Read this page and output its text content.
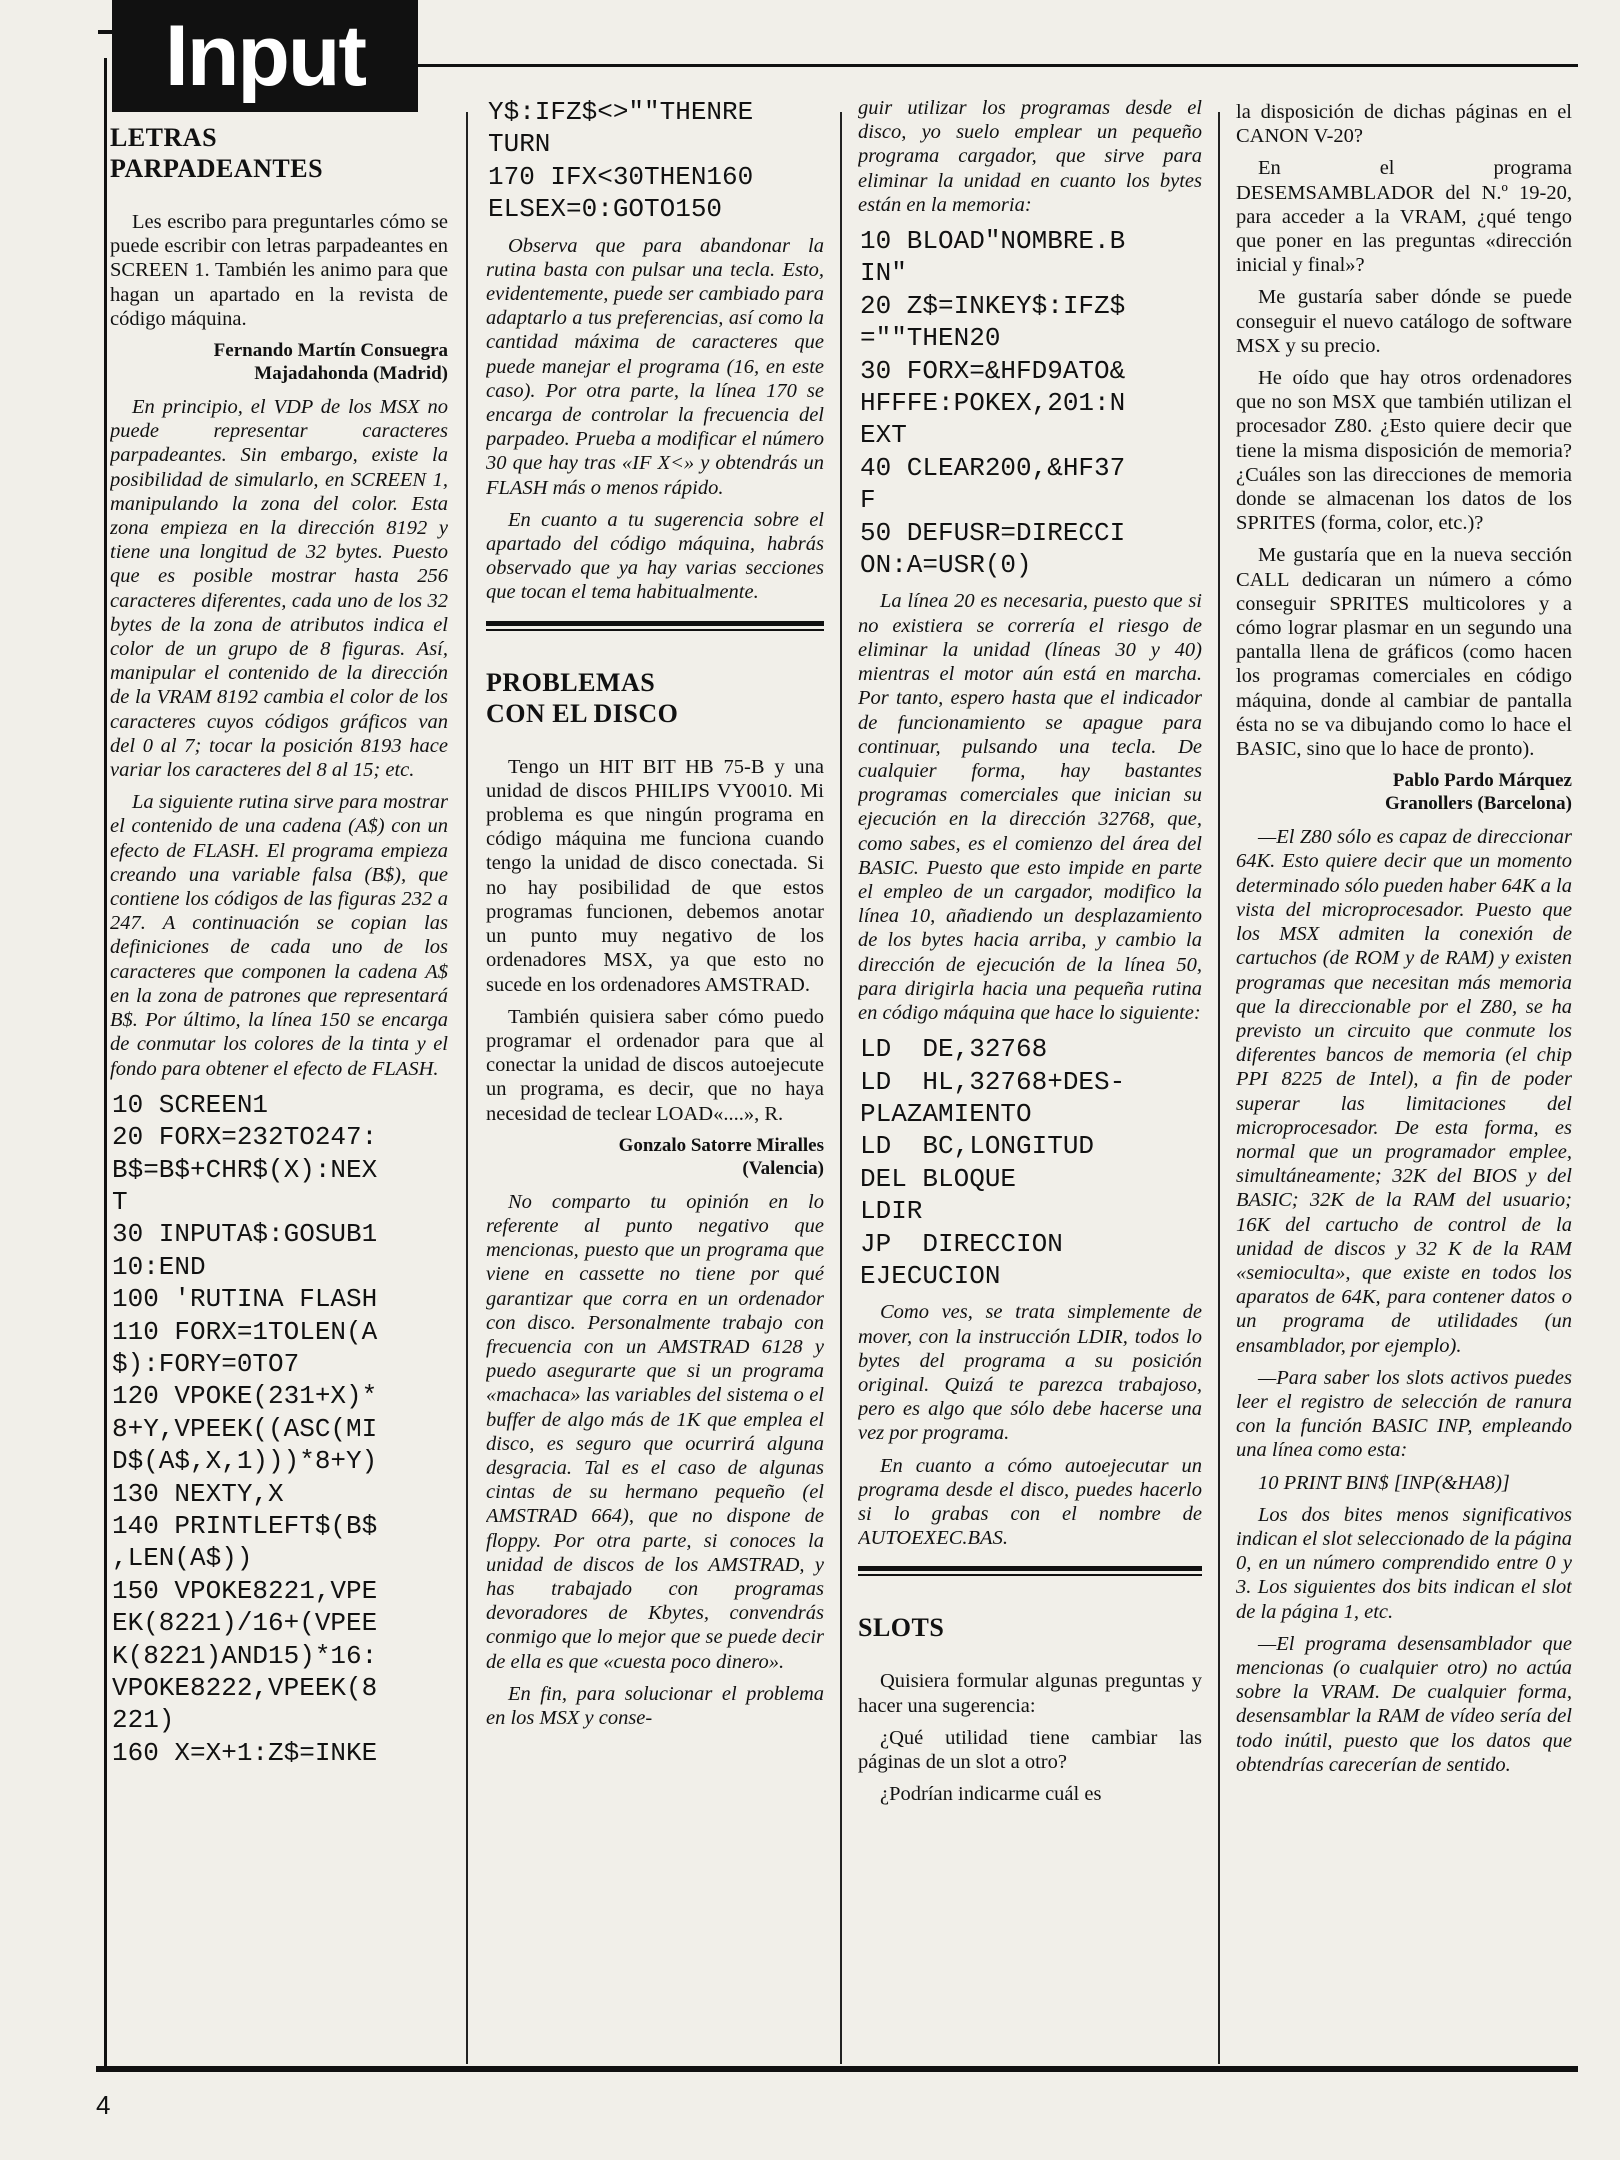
Input
LETRAS
PARPADEANTES

Les escribo para preguntarles cómo se puede escribir con letras parpadeantes en SCREEN 1. También les animo para que hagan un apartado en la revista de código máquina.

Fernando Martín Consuegra
Majadahonda (Madrid)

En principio, el VDP de los MSX no puede representar caracteres parpadeantes. Sin embargo, existe la posibilidad de simularlo, en SCREEN 1, manipulando la zona del color. Esta zona empieza en la dirección 8192 y tiene una longitud de 32 bytes. Puesto que es posible mostrar hasta 256 caracteres diferentes, cada uno de los 32 bytes de la zona de atributos indica el color de un grupo de 8 figuras. Así, manipular el contenido de la dirección de la VRAM 8192 cambia el color de los caracteres cuyos códigos gráficos van del 0 al 7; tocar la posición 8193 hace variar los caracteres del 8 al 15; etc.

La siguiente rutina sirve para mostrar el contenido de una cadena (A$) con un efecto de FLASH. El programa empieza creando una variable falsa (B$), que contiene los códigos de las figuras 232 a 247. A continuación se copian las definiciones de cada uno de los caracteres que componen la cadena A$ en la zona de patrones que representará B$. Por último, la línea 150 se encarga de conmutar los colores de la tinta y el fondo para obtener el efecto de FLASH.

10 SCREEN1
20 FORX=232TO247:
B$=B$+CHR$(X):NEX
T
30 INPUTA$:GOSUB1
10:END
100 'RUTINA FLASH
110 FORX=1TOLEN(A
$):FORY=0TO7
120 VPOKE(231+X)*
8+Y,VPEEK((ASC(MI
D$(A$,X,1)))*8+Y)
130 NEXTY,X
140 PRINTLEFT$(B$
,LEN(A$))
150 VPOKE8221,VPE
EK(8221)/16+(VPEE
K(8221)AND15)*16:
VPOKE8222,VPEEK(8
221)
160 X=X+1:Z$=INKE
Y$:IFZ$<>""THENRE
TURN
170 IFX<30THEN160
ELSEX=0:GOTO150

Observa que para abandonar la rutina basta con pulsar una tecla. Esto, evidentemente, puede ser cambiado para adaptarlo a tus preferencias, así como la cantidad máxima de caracteres que puede manejar el programa (16, en este caso). Por otra parte, la línea 170 se encarga de controlar la frecuencia del parpadeo. Prueba a modificar el número 30 que hay tras «IF X<» y obtendrás un FLASH más o menos rápido.

En cuanto a tu sugerencia sobre el apartado del código máquina, habrás observado que ya hay varias secciones que tocan el tema habitualmente.

PROBLEMAS
CON EL DISCO

Tengo un HIT BIT HB 75-B y una unidad de discos PHILIPS VY0010. Mi problema es que ningún programa en código máquina me funciona cuando tengo la unidad de disco conectada. Si no hay posibilidad de que estos programas funcionen, debemos anotar un punto muy negativo de los ordenadores MSX, ya que esto no sucede en los ordenadores AMSTRAD.

También quisiera saber cómo puedo programar el ordenador para que al conectar la unidad de discos autoejecute un programa, es decir, que no haya necesidad de teclear LOAD«....», R.

Gonzalo Satorre Miralles
(Valencia)

No comparto tu opinión en lo referente al punto negativo que mencionas, puesto que un programa que viene en cassette no tiene por qué garantizar que corra en un ordenador con disco. Personalmente trabajo con frecuencia con un AMSTRAD 6128 y puedo asegurarte que si un programa «machaca» las variables del sistema o el buffer de algo más de 1K que emplea el disco, es seguro que ocurrirá alguna desgracia. Tal es el caso de algunas cintas de su hermano pequeño (el AMSTRAD 664), que no dispone de floppy. Por otra parte, si conoces la unidad de discos de los AMSTRAD, y has trabajado con programas devoradores de Kbytes, convendrás conmigo que lo mejor que se puede decir de ella es que «cuesta poco dinero».

En fin, para solucionar el problema en los MSX y conse-

guir utilizar los programas desde el disco, yo suelo emplear un pequeño programa cargador, que sirve para eliminar la unidad en cuanto los bytes están en la memoria:

10 BLOAD"NOMBRE.B
IN"
20 Z$=INKEY$:IFZ$
=""THEN20
30 FORX=&HFD9ATO&
HFFFE:POKEX,201:N
EXT
40 CLEAR200,&HF37
F
50 DEFUSR=DIRECCI
ON:A=USR(0)

La línea 20 es necesaria, puesto que si no existiera se correría el riesgo de eliminar la unidad (líneas 30 y 40) mientras el motor aún está en marcha. Por tanto, espero hasta que el indicador de funcionamiento se apague para continuar, pulsando una tecla. De cualquier forma, hay bastantes programas comerciales que inician su ejecución en la dirección 32768, que, como sabes, es el comienzo del área del BASIC. Puesto que esto impide en parte el empleo de un cargador, modifico la línea 10, añadiendo un desplazamiento de los bytes hacia arriba, y cambio la dirección de ejecución de la línea 50, para dirigirla hacia una pequeña rutina en código máquina que hace lo siguiente:

LD  DE,32768
LD  HL,32768+DES-
PLAZAMIENTO
LD  BC,LONGITUD
DEL BLOQUE
LDIR
JP  DIRECCION
EJECUCION

Como ves, se trata simplemente de mover, con la instrucción LDIR, todos lo bytes del programa a su posición original. Quizá te parezca trabajoso, pero es algo que sólo debe hacerse una vez por programa.

En cuanto a cómo autoejecutar un programa desde el disco, puedes hacerlo si lo grabas con el nombre de AUTOEXEC.BAS.

SLOTS

Quisiera formular algunas preguntas y hacer una sugerencia:

¿Qué utilidad tiene cambiar las páginas de un slot a otro?

¿Podrían indicarme cuál es

la disposición de dichas páginas en el CANON V-20?

En el programa DESEMSAMBLADOR del N.º 19-20, para acceder a la VRAM, ¿qué tengo que poner en las preguntas «dirección inicial y final»?

Me gustaría saber dónde se puede conseguir el nuevo catálogo de software MSX y su precio.

He oído que hay otros ordenadores que no son MSX que también utilizan el procesador Z80. ¿Esto quiere decir que tiene la misma disposición de memoria? ¿Cuáles son las direcciones de memoria donde se almacenan los datos de los SPRITES (forma, color, etc.)?

Me gustaría que en la nueva sección CALL dedicaran un número a cómo conseguir SPRITES multicolores y a cómo lograr plasmar en un segundo una pantalla llena de gráficos (como hacen los programas comerciales en código máquina, donde al cambiar de pantalla ésta no se va dibujando como lo hace el BASIC, sino que lo hace de pronto).

Pablo Pardo Márquez
Granollers (Barcelona)

—El Z80 sólo es capaz de direccionar 64K. Esto quiere decir que un momento determinado sólo pueden haber 64K a la vista del microprocesador. Puesto que los MSX admiten la conexión de cartuchos (de ROM y de RAM) y existen programas que necesitan más memoria que la direccionable por el Z80, se ha previsto un circuito que conmute los diferentes bancos de memoria (el chip PPI 8225 de Intel), a fin de poder superar las limitaciones del microprocesador. De esta forma, es normal que un programador emplee, simultáneamente; 32K del BIOS y del BASIC; 32K de la RAM del usuario; 16K del cartucho de control de la unidad de discos y 32 K de la RAM «semioculta», que existe en todos los aparatos de 64K, para contener datos o un programa de utilidades (un ensamblador, por ejemplo).

—Para saber los slots activos puedes leer el registro de selección de ranura con la función BASIC INP, empleando una línea como esta:

10 PRINT BIN$ [INP(&HA8)]

Los dos bites menos significativos indican el slot seleccionado de la página 0, en un número comprendido entre 0 y 3. Los siguientes dos bits indican el slot de la página 1, etc.

—El programa desensamblador que mencionas (o cualquier otro) no actúa sobre la VRAM. De cualquier forma, desensamblar la RAM de vídeo sería del todo inútil, puesto que los datos que obtendrías carecerían de sentido.

4
